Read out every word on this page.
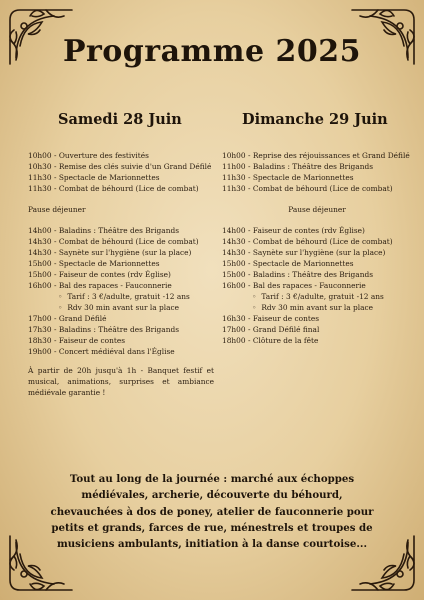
Programme 2025
Samedi 28 Juin	Dimanche 29 Juin
10h00 - Ouverture des festivités
10h30 - Remise des clés suivie d'un Grand Défilé
11h30 - Spectacle de Marionnettes
11h30 - Combat de béhourd (Lice de combat)
Pause déjeuner
14h00 - Baladins : Théâtre des Brigands
14h30 - Combat de béhourd (Lice de combat)
14h30 - Saynète sur l'hygiène (sur la place)
15h00 - Spectacle de Marionnettes
15h00 - Faiseur de contes (rdv Église)
16h00 - Bal des rapaces - Fauconnerie
◦ Tarif : 3 €/adulte, gratuit -12 ans
◦ Rdv 30 min avant sur la place
17h00 - Grand Défilé
17h30 - Baladins : Théâtre des Brigands
18h30 - Faiseur de contes
19h00 - Concert médiéval dans l'Église
À partir de 20h jusqu'à 1h - Banquet festif et musical, animations, surprises et ambiance médiévale garantie !
10h00 - Reprise des réjouissances et Grand Défilé
11h00 - Baladins : Théâtre des Brigands
11h30 - Spectacle de Marionnettes
11h30 - Combat de béhourd (Lice de combat)
Pause déjeuner
14h00 - Faiseur de contes (rdv Église)
14h30 - Combat de béhourd (Lice de combat)
14h30 - Saynète sur l'hygiène (sur la place)
15h00 - Spectacle de Marionnettes
15h00 - Baladins : Théâtre des Brigands
16h00 - Bal des rapaces - Fauconnerie
◦ Tarif : 3 €/adulte, gratuit -12 ans
◦ Rdv 30 min avant sur la place
16h30 - Faiseur de contes
17h00 - Grand Défilé final
18h00 - Clôture de la fête
Tout au long de la journée : marché aux échoppes médiévales, archerie, découverte du béhourd, chevauchées à dos de poney, atelier de fauconnerie pour petits et grands, farces de rue, ménestrels et troupes de musiciens ambulants, initiation à la danse courtoise...
